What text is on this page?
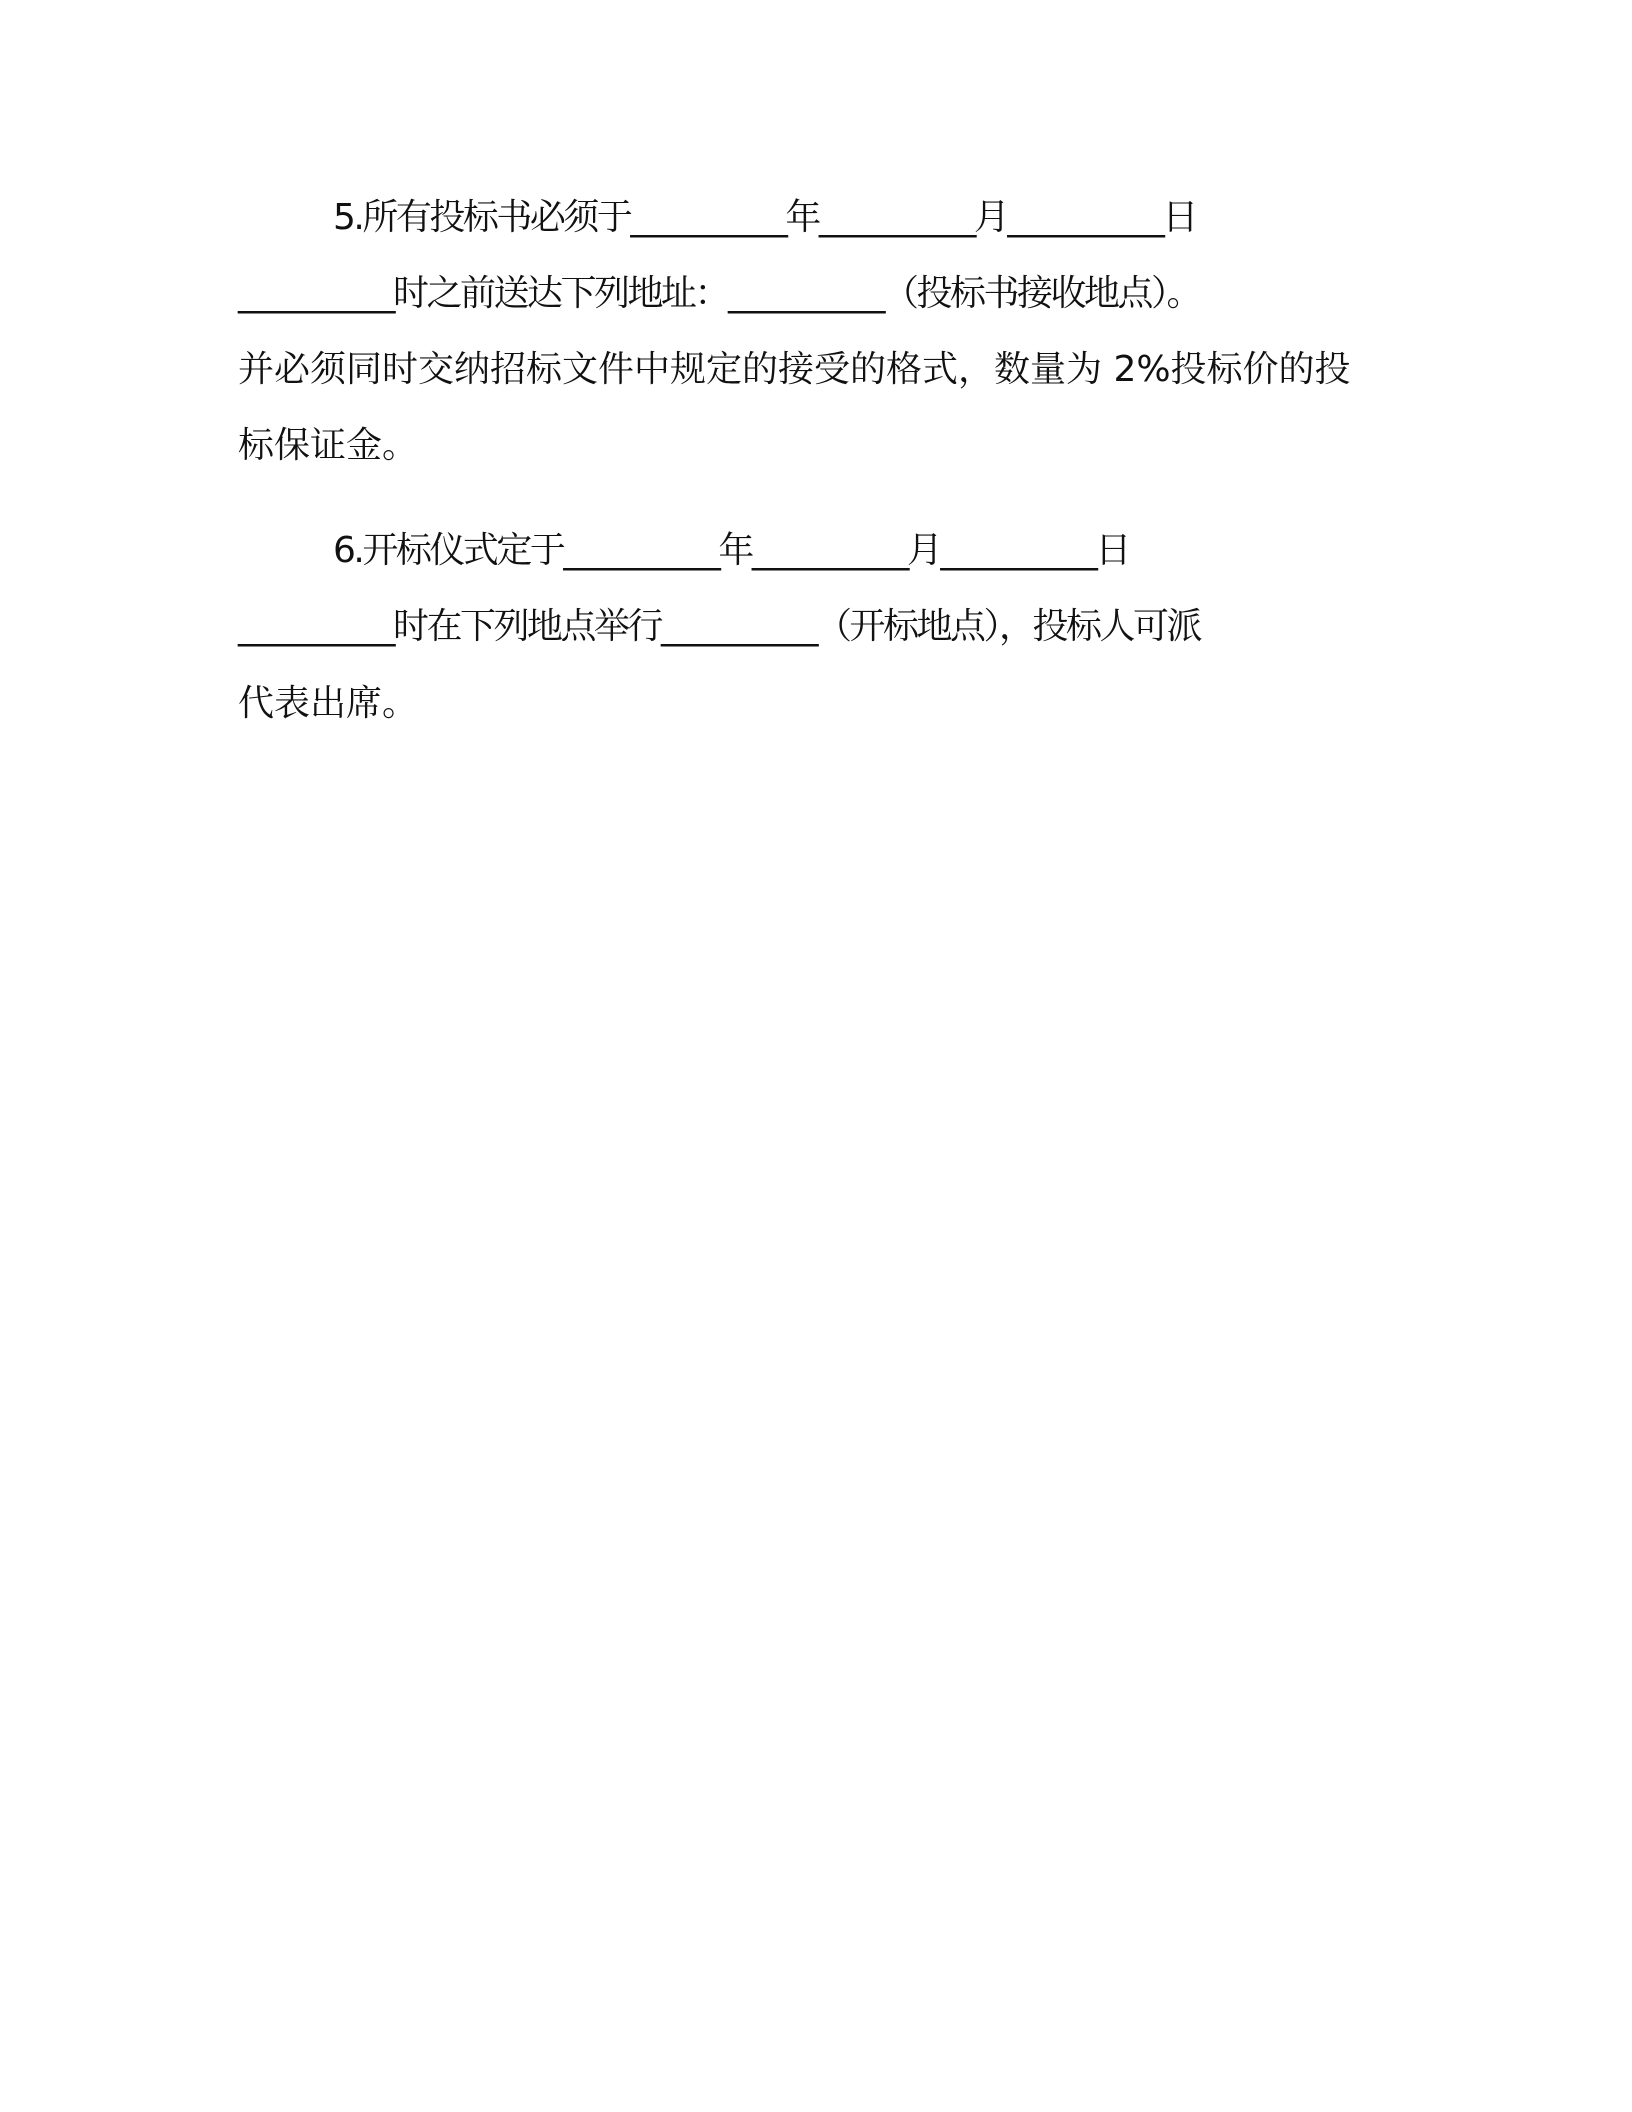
5.所有投标书必须于__________年__________月__________日

__________时之前送达下列地址：__________（投标书接收地点）。

并必须同时交纳招标文件中规定的接受的格式，数量为 2%投标价的投

标保证金。

6.开标仪式定于__________年__________月__________日

__________时在下列地点举行__________（开标地点），投标人可派

代表出席。
